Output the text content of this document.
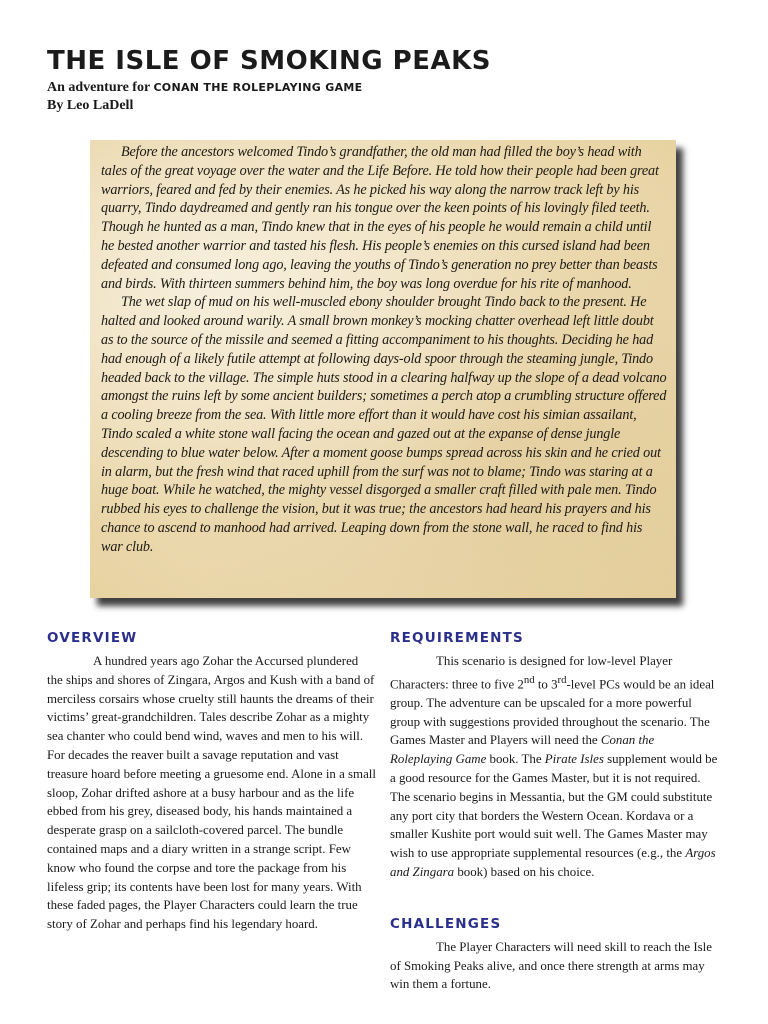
THE ISLE OF SMOKING PEAKS
An adventure for CONAN THE ROLEPLAYING GAME
By Leo LaDell

Before the ancestors welcomed Tindo’s grandfather, the old man had filled the boy’s head with tales of the great voyage over the water and the Life Before. He told how their people had been great warriors, feared and fed by their enemies. As he picked his way along the narrow track left by his quarry, Tindo daydreamed and gently ran his tongue over the keen points of his lovingly filed teeth. Though he hunted as a man, Tindo knew that in the eyes of his people he would remain a child until he bested another warrior and tasted his flesh. His people’s enemies on this cursed island had been defeated and consumed long ago, leaving the youths of Tindo’s generation no prey better than beasts and birds. With thirteen summers behind him, the boy was long overdue for his rite of manhood.

The wet slap of mud on his well-muscled ebony shoulder brought Tindo back to the present. He halted and looked around warily. A small brown monkey’s mocking chatter overhead left little doubt as to the source of the missile and seemed a fitting accompaniment to his thoughts. Deciding he had had enough of a likely futile attempt at following days-old spoor through the steaming jungle, Tindo headed back to the village. The simple huts stood in a clearing halfway up the slope of a dead volcano amongst the ruins left by some ancient builders; sometimes a perch atop a crumbling structure offered a cooling breeze from the sea. With little more effort than it would have cost his simian assailant, Tindo scaled a white stone wall facing the ocean and gazed out at the expanse of dense jungle descending to blue water below. After a moment goose bumps spread across his skin and he cried out in alarm, but the fresh wind that raced uphill from the surf was not to blame; Tindo was staring at a huge boat. While he watched, the mighty vessel disgorged a smaller craft filled with pale men. Tindo rubbed his eyes to challenge the vision, but it was true; the ancestors had heard his prayers and his chance to ascend to manhood had arrived. Leaping down from the stone wall, he raced to find his war club.

OVERVIEW

A hundred years ago Zohar the Accursed plundered the ships and shores of Zingara, Argos and Kush with a band of merciless corsairs whose cruelty still haunts the dreams of their victims’ great-grandchildren. Tales describe Zohar as a mighty sea chanter who could bend wind, waves and men to his will. For decades the reaver built a savage reputation and vast treasure hoard before meeting a gruesome end. Alone in a small sloop, Zohar drifted ashore at a busy harbour and as the life ebbed from his grey, diseased body, his hands maintained a desperate grasp on a sailcloth-covered parcel. The bundle contained maps and a diary written in a strange script. Few know who found the corpse and tore the package from his lifeless grip; its contents have been lost for many years. With these faded pages, the Player Characters could learn the true story of Zohar and perhaps find his legendary hoard.

REQUIREMENTS

This scenario is designed for low-level Player Characters: three to five 2nd to 3rd-level PCs would be an ideal group. The adventure can be upscaled for a more powerful group with suggestions provided throughout the scenario. The Games Master and Players will need the Conan the Roleplaying Game book. The Pirate Isles supplement would be a good resource for the Games Master, but it is not required. The scenario begins in Messantia, but the GM could substitute any port city that borders the Western Ocean. Kordava or a smaller Kushite port would suit well. The Games Master may wish to use appropriate supplemental resources (e.g., the Argos and Zingara book) based on his choice.

CHALLENGES

The Player Characters will need skill to reach the Isle of Smoking Peaks alive, and once there strength at arms may win them a fortune.
